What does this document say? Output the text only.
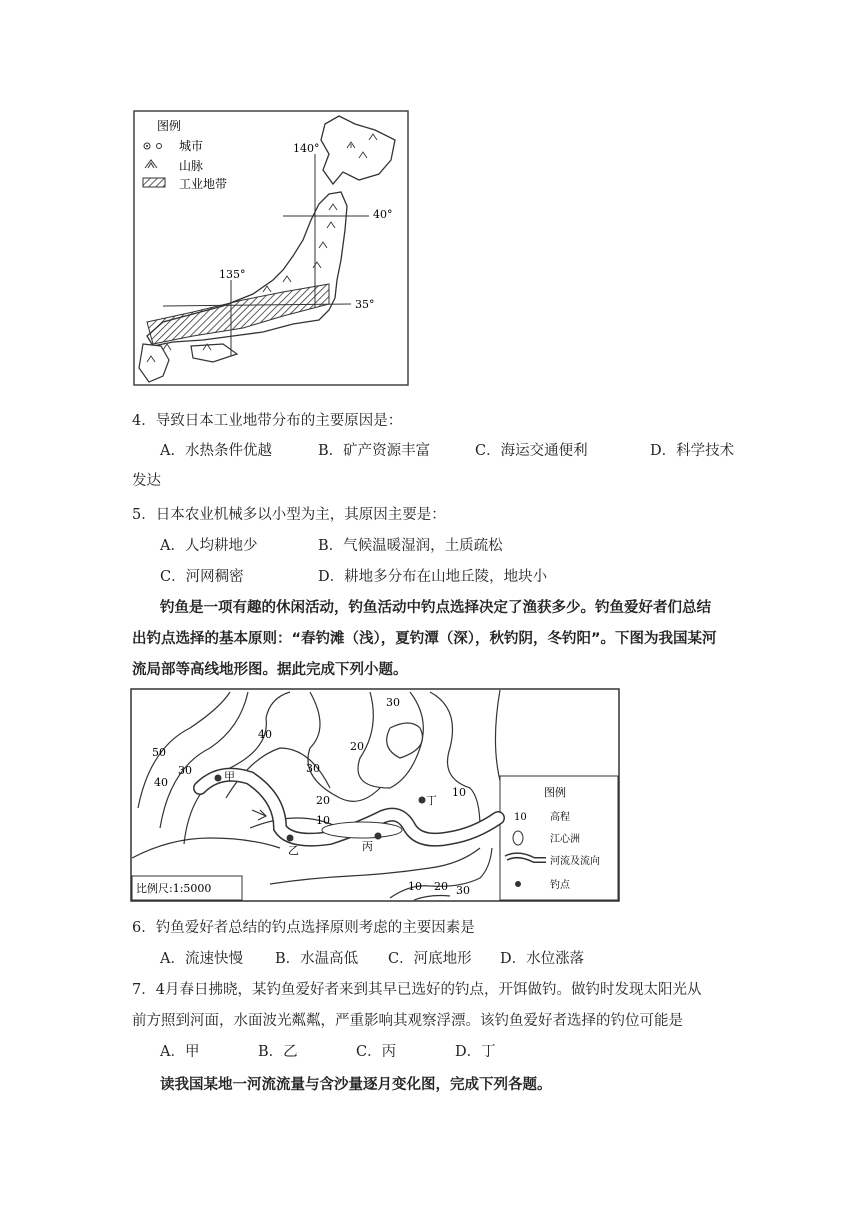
图例
城市
山脉
工业地带
140°
40°
135°
35°
4．导致日本工业地带分布的主要原因是：
A．水热条件优越	B．矿产资源丰富	C．海运交通便利	D．科学技术
发达
5．日本农业机械多以小型为主，其原因主要是：
A．人均耕地少	B．气候温暖湿润，土质疏松
C．河网稠密	D．耕地多分布在山地丘陵，地块小
钓鱼是一项有趣的休闲活动，钓鱼活动中钓点选择决定了渔获多少。钓鱼爱好者们总结
出钓点选择的基本原则：“春钓滩（浅），夏钓潭（深），秋钓阴，冬钓阳”。下图为我国某河
流局部等高线地形图。据此完成下列小题。
甲
乙	丙
丁
50
40
30
40
30
20
10
30
20
10
10 20 30
比例尺:1:5000
图例
10 高程
江心洲
河流及流向
钓点
6．钓鱼爱好者总结的钓点选择原则考虑的主要因素是
A．流速快慢 B．水温高低 C．河底地形 D．水位涨落
7．4月春日拂晓，某钓鱼爱好者来到其早已选好的钓点，开饵做钓。做钓时发现太阳光从
前方照到河面，水面波光粼粼，严重影响其观察浮漂。该钓鱼爱好者选择的钓位可能是
A．甲	B．乙	C．丙	D．丁
读我国某地一河流流量与含沙量逐月变化图，完成下列各题。
